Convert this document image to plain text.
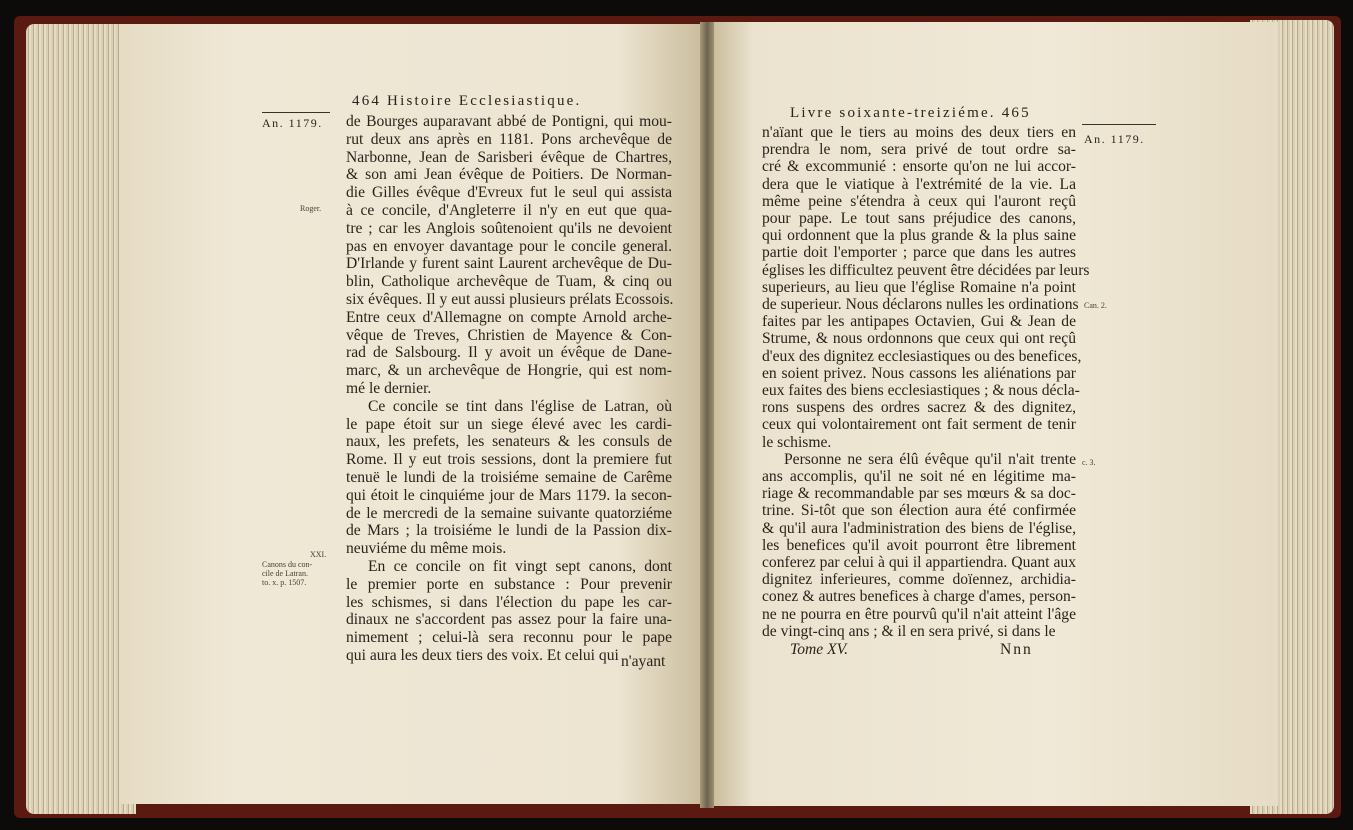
464 Histoire Ecclesiastique.
An. 1179.
Roger.
XXI.
Canons du con-
cile de Latran.
to. x. p. 1507.
de Bourges auparavant abbé de Pontigni, qui mou-
rut deux ans après en 1181. Pons archevêque de
Narbonne, Jean de Sarisberi évêque de Chartres,
& son ami Jean évêque de Poitiers. De Norman-
die Gilles évêque d'Evreux fut le seul qui assista
à ce concile, d'Angleterre il n'y en eut que qua-
tre ; car les Anglois soûtenoient qu'ils ne devoient
pas en envoyer davantage pour le concile general.
D'Irlande y furent saint Laurent archevêque de Du-
blin, Catholique archevêque de Tuam, & cinq ou
six évêques. Il y eut aussi plusieurs prélats Ecossois.
Entre ceux d'Allemagne on compte Arnold arche-
vêque de Treves, Christien de Mayence & Con-
rad de Salsbourg. Il y avoit un évêque de Dane-
marc, & un archevêque de Hongrie, qui est nom-
mé le dernier.
Ce concile se tint dans l'église de Latran, où
le pape étoit sur un siege élevé avec les cardi-
naux, les prefets, les senateurs & les consuls de
Rome. Il y eut trois sessions, dont la premiere fut
tenuë le lundi de la troisiéme semaine de Carême
qui étoit le cinquiéme jour de Mars 1179. la secon-
de le mercredi de la semaine suivante quatorziéme
de Mars ; la troisiéme le lundi de la Passion dix-
neuviéme du même mois.
En ce concile on fit vingt sept canons, dont
le premier porte en substance : Pour prevenir
les schismes, si dans l'élection du pape les car-
dinaux ne s'accordent pas assez pour la faire una-
nimement ; celui-là sera reconnu pour le pape
qui aura les deux tiers des voix. Et celui qui n'ayant
Livre soixante-treiziéme. 465
An. 1179.
Can. 2.
c. 3.
n'aïant que le tiers au moins des deux tiers en
prendra le nom, sera privé de tout ordre sa-
cré & excommunié : ensorte qu'on ne lui accor-
dera que le viatique à l'extrémité de la vie. La
même peine s'étendra à ceux qui l'auront reçû
pour pape. Le tout sans préjudice des canons,
qui ordonnent que la plus grande & la plus saine
partie doit l'emporter ; parce que dans les autres
églises les difficultez peuvent être décidées par leurs
superieurs, au lieu que l'église Romaine n'a point
de superieur. Nous déclarons nulles les ordinations
faites par les antipapes Octavien, Gui & Jean de
Strume, & nous ordonnons que ceux qui ont reçû
d'eux des dignitez ecclesiastiques ou des benefices,
en soient privez. Nous cassons les aliénations par
eux faites des biens ecclesiastiques ; & nous décla-
rons suspens des ordres sacrez & des dignitez,
ceux qui volontairement ont fait serment de tenir
le schisme.
Personne ne sera élû évêque qu'il n'ait trente
ans accomplis, qu'il ne soit né en légitime ma-
riage & recommandable par ses mœurs & sa doc-
trine. Si-tôt que son élection aura été confirmée
& qu'il aura l'administration des biens de l'église,
les benefices qu'il avoit pourront être librement
conferez par celui à qui il appartiendra. Quant aux
dignitez inferieures, comme doïennez, archidia-
conez & autres benefices à charge d'ames, person-
ne ne pourra en être pourvû qu'il n'ait atteint l'âge
de vingt-cinq ans ; & il en sera privé, si dans le
Tome XV.	Nnn
